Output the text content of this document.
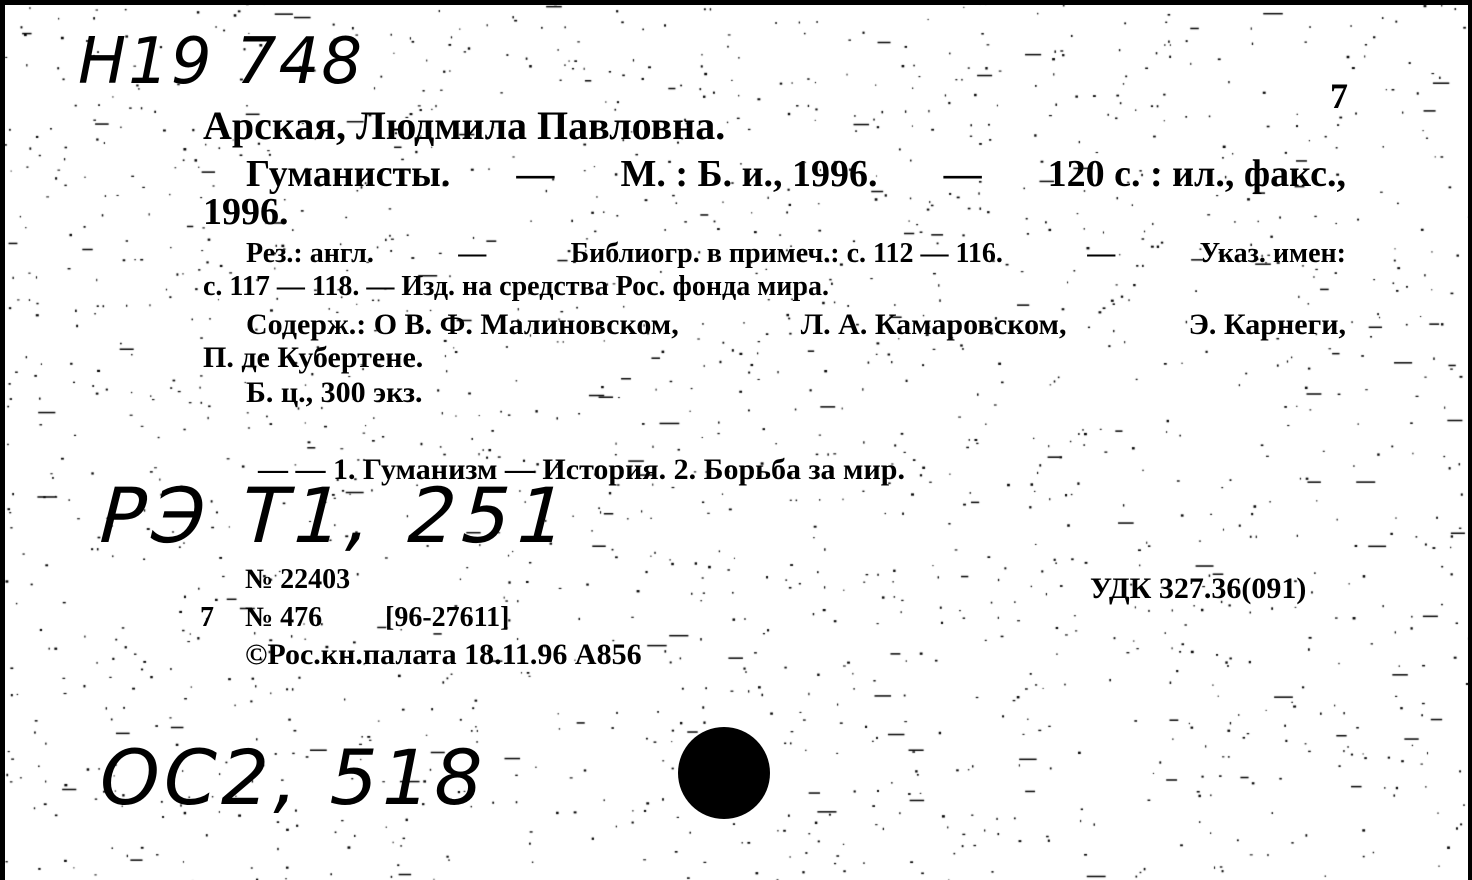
Н19 748	7
Арская, Людмила Павловна.
Гуманисты. — М. : Б. и., 1996. — 120 с. : ил., факс.,
1996.
Рез.: англ.	—	Библиогр. в примеч.: с. 112 — 116.	—	Указ. имен:
с. 117 — 118. — Изд. на средства Рос. фонда мира.
Содерж.: О В. Ф. Малиновском,	Л. А. Камаровском,	Э. Карнеги,
П. де Кубертене.
Б. ц., 300 экз.
— — 1. Гуманизм — История. 2. Борьба за мир.
РЭ Т1, 251
№ 22403	УДК 327.36(091)
7 № 476 [96-27611]
©Рос.кн.палата 18.11.96 А856
ОС2, 518
